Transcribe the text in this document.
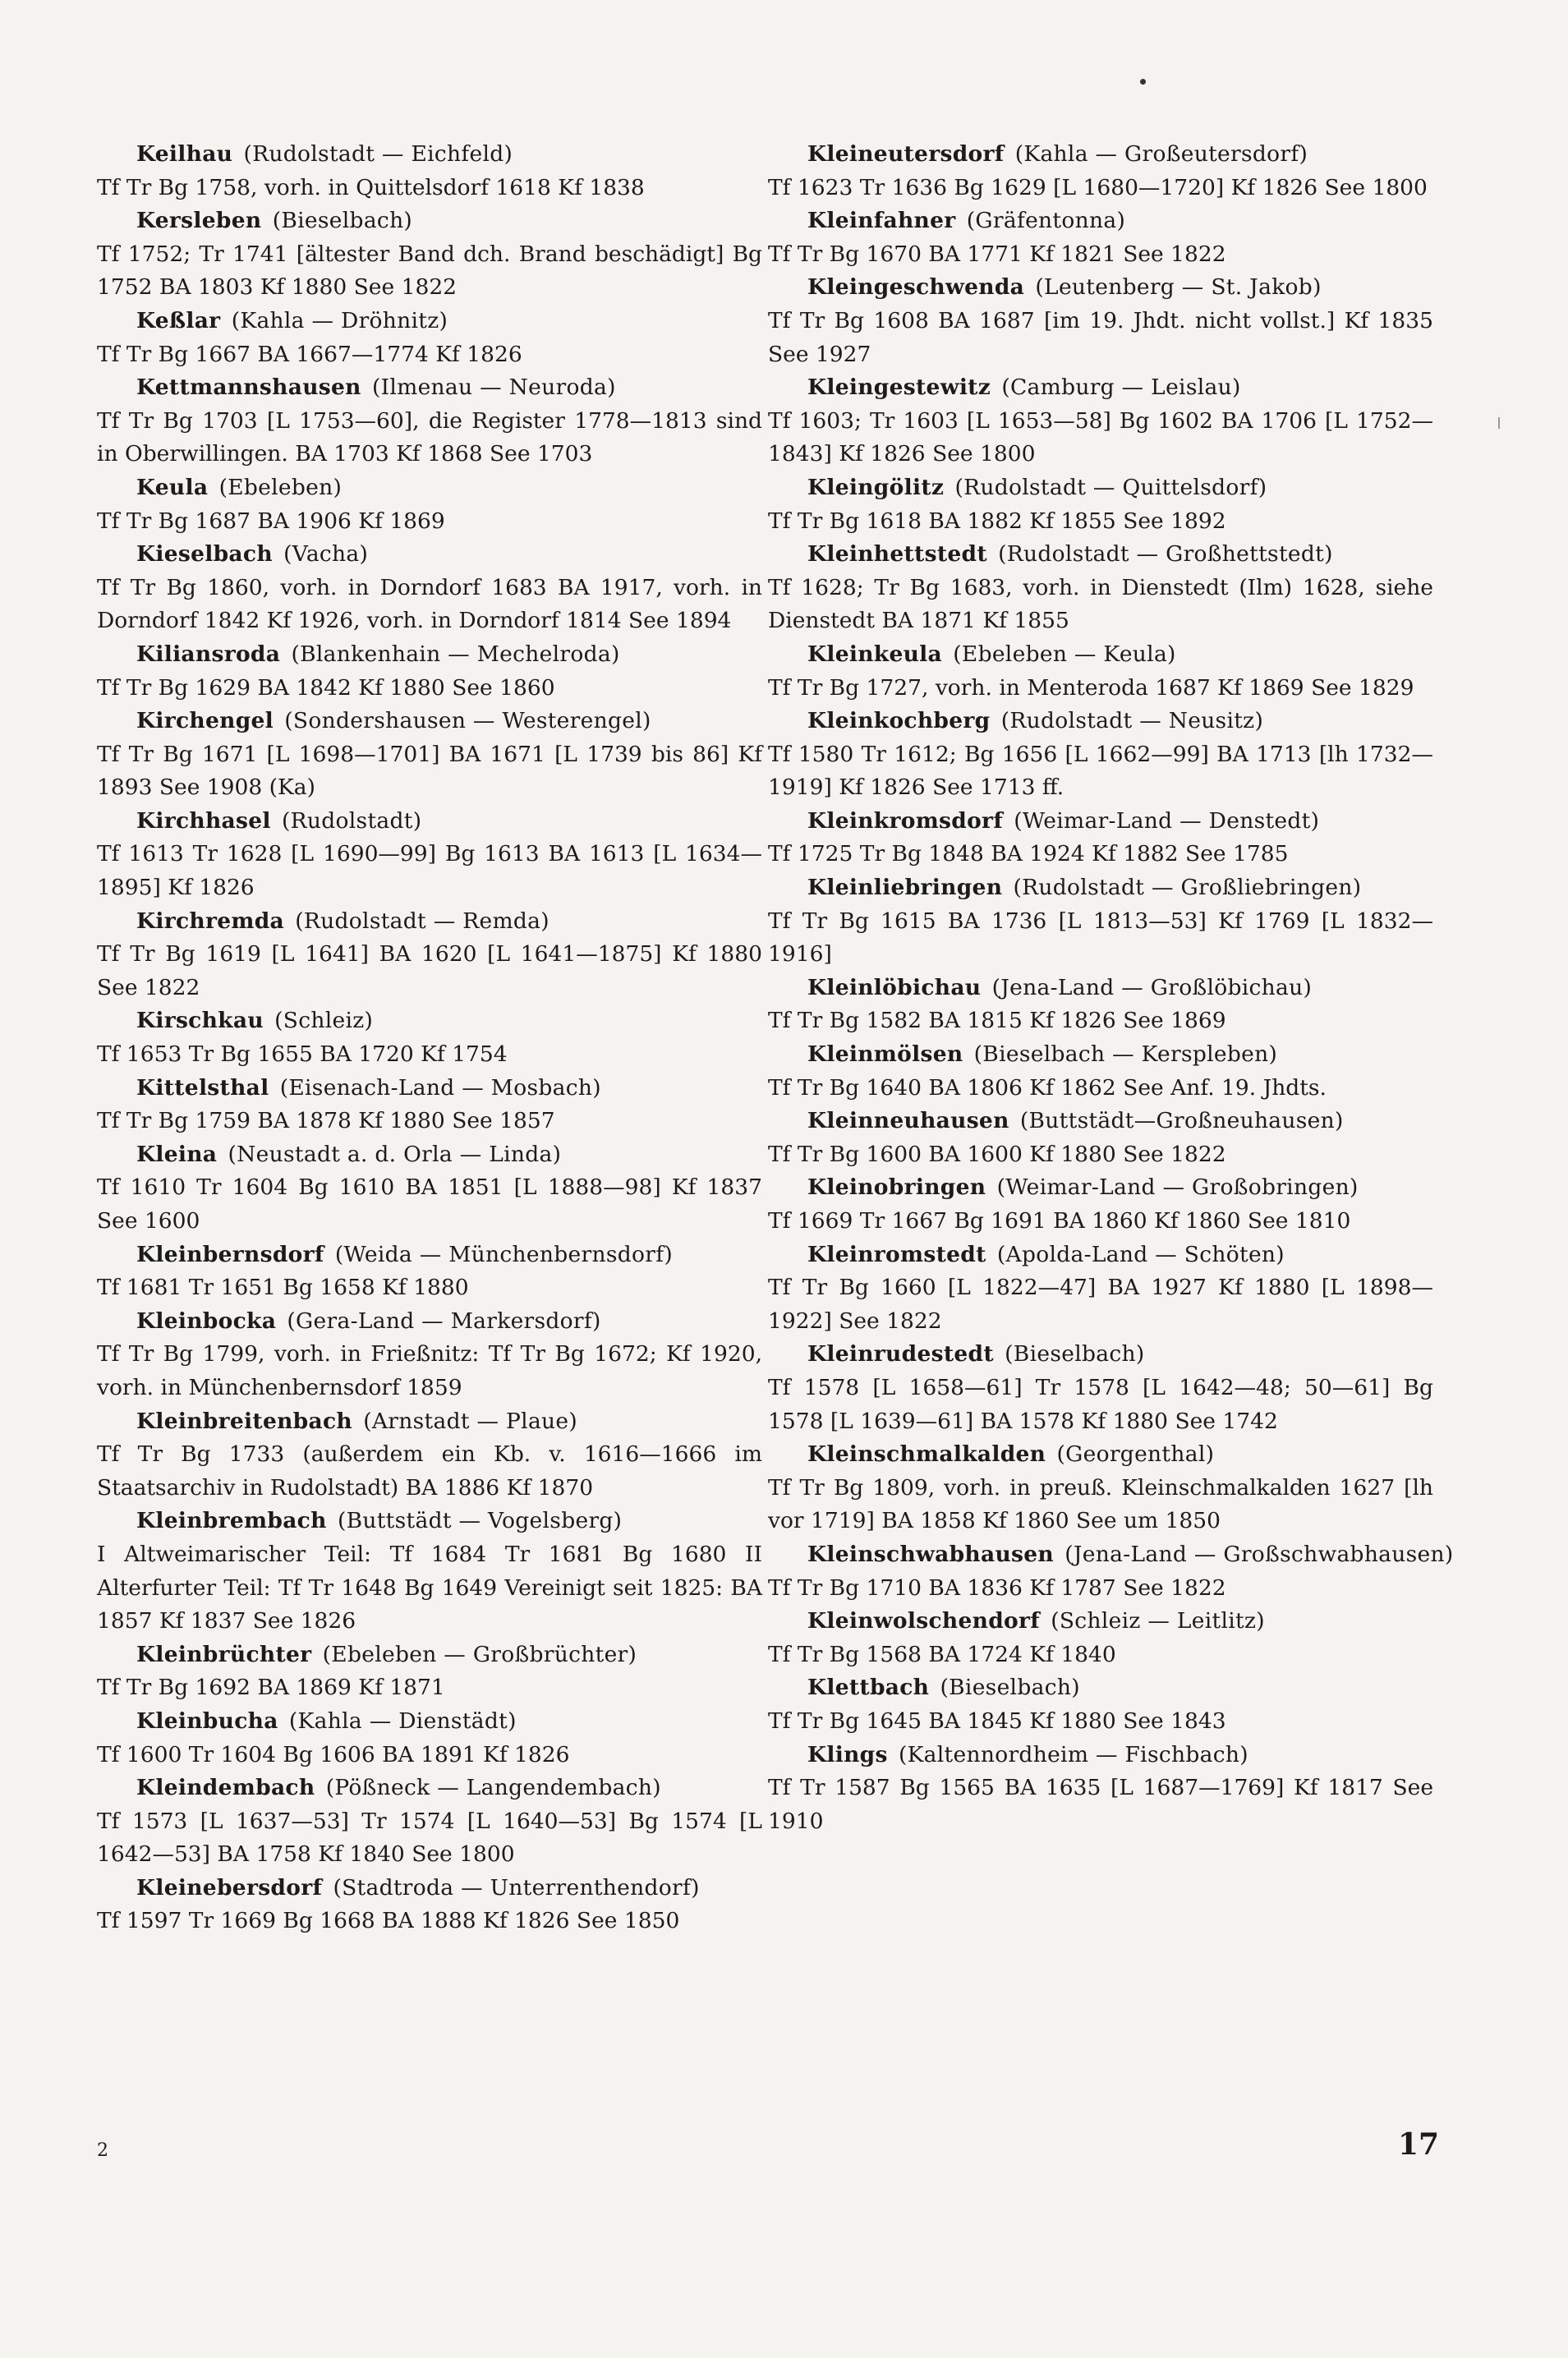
Keilhau  (Rudolstadt — Eichfeld)
Tf Tr Bg 1758, vorh. in Quittelsdorf 1618 Kf 1838
Kersleben  (Bieselbach)
Tf 1752; Tr 1741 [ältester Band dch. Brand beschädigt] Bg 1752 BA 1803 Kf 1880 See 1822
Keßlar  (Kahla — Dröhnitz)
Tf Tr Bg 1667 BA 1667—1774 Kf 1826
Kettmannshausen  (Ilmenau — Neuroda)
Tf Tr Bg 1703 [L 1753—60], die Register 1778—1813 sind in Oberwillingen. BA 1703 Kf 1868 See 1703
Keula  (Ebeleben)
Tf Tr Bg 1687 BA 1906 Kf 1869
Kieselbach  (Vacha)
Tf Tr Bg 1860, vorh. in Dorndorf 1683 BA 1917, vorh. in Dorndorf 1842 Kf 1926, vorh. in Dorndorf 1814 See 1894
Kiliansroda  (Blankenhain — Mechelroda)
Tf Tr Bg 1629 BA 1842 Kf 1880 See 1860
Kirchengel  (Sondershausen — Westerengel)
Tf Tr Bg 1671 [L 1698—1701] BA 1671 [L 1739 bis 86] Kf 1893 See 1908 (Ka)
Kirchhasel  (Rudolstadt)
Tf 1613 Tr 1628 [L 1690—99] Bg 1613 BA 1613 [L 1634—1895] Kf 1826
Kirchremda  (Rudolstadt — Remda)
Tf Tr Bg 1619 [L 1641] BA 1620 [L 1641—1875] Kf 1880 See 1822
Kirschkau  (Schleiz)
Tf 1653 Tr Bg 1655 BA 1720 Kf 1754
Kittelsthal  (Eisenach-Land — Mosbach)
Tf Tr Bg 1759 BA 1878 Kf 1880 See 1857
Kleina  (Neustadt a. d. Orla — Linda)
Tf 1610 Tr 1604 Bg 1610 BA 1851 [L 1888—98] Kf 1837 See 1600
Kleinbernsdorf  (Weida — Münchenbernsdorf)
Tf 1681 Tr 1651 Bg 1658 Kf 1880
Kleinbocka  (Gera-Land — Markersdorf)
Tf Tr Bg 1799, vorh. in Frießnitz: Tf Tr Bg 1672; Kf 1920, vorh. in Münchenbernsdorf 1859
Kleinbreitenbach  (Arnstadt — Plaue)
Tf Tr Bg 1733 (außerdem ein Kb. v. 1616—1666 im Staatsarchiv in Rudolstadt) BA 1886 Kf 1870
Kleinbrembach  (Buttstädt — Vogelsberg)
I Altweimarischer Teil: Tf 1684 Tr 1681 Bg 1680 II Alterfurter Teil: Tf Tr 1648 Bg 1649 Vereinigt seit 1825: BA 1857 Kf 1837 See 1826
Kleinbrüchter  (Ebeleben — Großbrüchter)
Tf Tr Bg 1692 BA 1869 Kf 1871
Kleinbucha  (Kahla — Dienstädt)
Tf 1600 Tr 1604 Bg 1606 BA 1891 Kf 1826
Kleindembach  (Pößneck — Langendembach)
Tf 1573 [L 1637—53] Tr 1574 [L 1640—53] Bg 1574 [L 1642—53] BA 1758 Kf 1840 See 1800
Kleinebersdorf  (Stadtroda — Unterrenthendorf)
Tf 1597 Tr 1669 Bg 1668 BA 1888 Kf 1826 See 1850
Kleineutersdorf  (Kahla — Großeutersdorf)
Tf 1623 Tr 1636 Bg 1629 [L 1680—1720] Kf 1826 See 1800
Kleinfahner  (Gräfentonna)
Tf Tr Bg 1670 BA 1771 Kf 1821 See 1822
Kleingeschwenda  (Leutenberg — St. Jakob)
Tf Tr Bg 1608 BA 1687 [im 19. Jhdt. nicht vollst.] Kf 1835 See 1927
Kleingestewitz  (Camburg — Leislau)
Tf 1603; Tr 1603 [L 1653—58] Bg 1602 BA 1706 [L 1752—1843] Kf 1826 See 1800
Kleingölitz  (Rudolstadt — Quittelsdorf)
Tf Tr Bg 1618 BA 1882 Kf 1855 See 1892
Kleinhettstedt  (Rudolstadt — Großhettstedt)
Tf 1628; Tr Bg 1683, vorh. in Dienstedt (Ilm) 1628, siehe Dienstedt BA 1871 Kf 1855
Kleinkeula  (Ebeleben — Keula)
Tf Tr Bg 1727, vorh. in Menteroda 1687 Kf 1869 See 1829
Kleinkochberg  (Rudolstadt — Neusitz)
Tf 1580 Tr 1612; Bg 1656 [L 1662—99] BA 1713 [lh 1732—1919] Kf 1826 See 1713 ff.
Kleinkromsdorf  (Weimar-Land — Denstedt)
Tf 1725 Tr Bg 1848 BA 1924 Kf 1882 See 1785
Kleinliebringen  (Rudolstadt — Großliebringen)
Tf Tr Bg 1615 BA 1736 [L 1813—53] Kf 1769 [L 1832—1916]
Kleinlöbichau  (Jena-Land — Großlöbichau)
Tf Tr Bg 1582 BA 1815 Kf 1826 See 1869
Kleinmölsen  (Bieselbach — Kerspleben)
Tf Tr Bg 1640 BA 1806 Kf 1862 See Anf. 19. Jhdts.
Kleinneuhausen  (Buttstädt—Großneuhausen)
Tf Tr Bg 1600 BA 1600 Kf 1880 See 1822
Kleinobringen  (Weimar-Land — Großobringen)
Tf 1669 Tr 1667 Bg 1691 BA 1860 Kf 1860 See 1810
Kleinromstedt  (Apolda-Land — Schöten)
Tf Tr Bg 1660 [L 1822—47] BA 1927 Kf 1880 [L 1898—1922] See 1822
Kleinrudestedt  (Bieselbach)
Tf 1578 [L 1658—61] Tr 1578 [L 1642—48; 50—61] Bg 1578 [L 1639—61] BA 1578 Kf 1880 See 1742
Kleinschmalkalden  (Georgenthal)
Tf Tr Bg 1809, vorh. in preuß. Kleinschmalkalden 1627 [lh vor 1719] BA 1858 Kf 1860 See um 1850
Kleinschwabhausen  (Jena-Land — Großschwabhausen)
Tf Tr Bg 1710 BA 1836 Kf 1787 See 1822
Kleinwolschendorf  (Schleiz — Leitlitz)
Tf Tr Bg 1568 BA 1724 Kf 1840
Klettbach  (Bieselbach)
Tf Tr Bg 1645 BA 1845 Kf 1880 See 1843
Klings  (Kaltennordheim — Fischbach)
Tf Tr 1587 Bg 1565 BA 1635 [L 1687—1769] Kf 1817 See 1910
2	17
